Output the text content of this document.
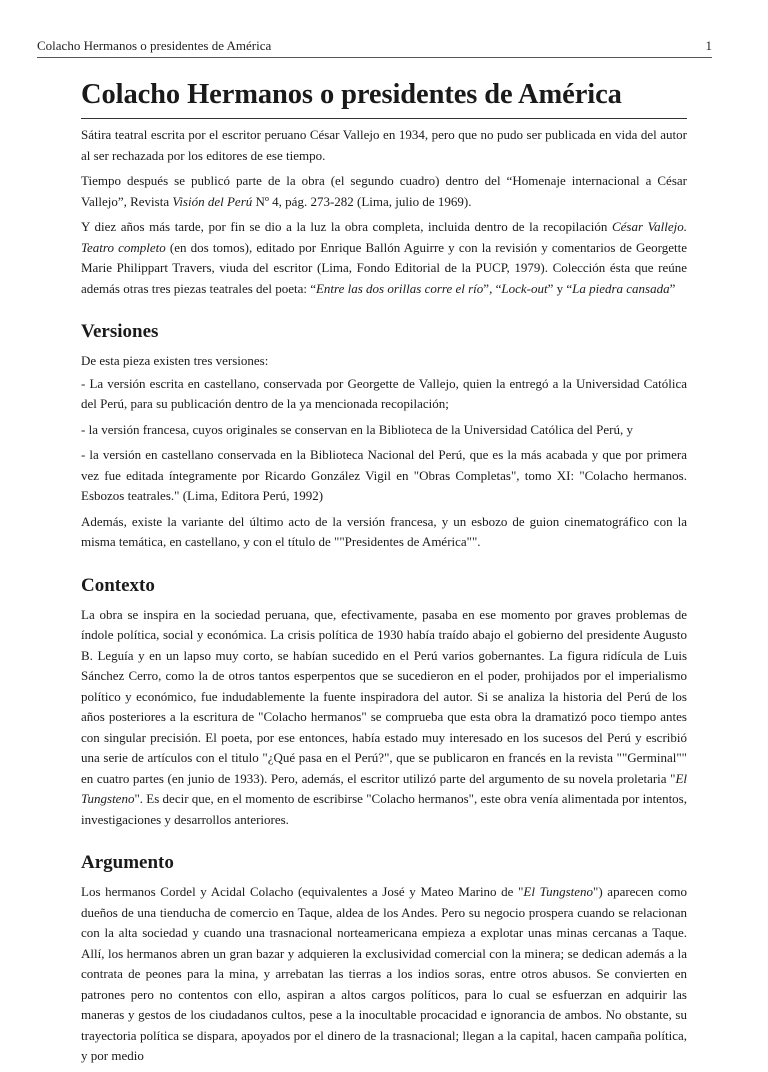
Colacho Hermanos o presidentes de América	1
Colacho Hermanos o presidentes de América

Sátira teatral escrita por el escritor peruano César Vallejo en 1934, pero que no pudo ser publicada en vida del autor al ser rechazada por los editores de ese tiempo.

Tiempo después se publicó parte de la obra (el segundo cuadro) dentro del “Homenaje internacional a César Vallejo”, Revista Visión del Perú Nº 4, pág. 273-282 (Lima, julio de 1969).

Y diez años más tarde, por fin se dio a la luz la obra completa, incluida dentro de la recopilación César Vallejo. Teatro completo (en dos tomos), editado por Enrique Ballón Aguirre y con la revisión y comentarios de Georgette Marie Philippart Travers, viuda del escritor (Lima, Fondo Editorial de la PUCP, 1979). Colección ésta que reúne además otras tres piezas teatrales del poeta: “Entre las dos orillas corre el río”, “Lock-out” y “La piedra cansada”

Versiones

De esta pieza existen tres versiones:

- La versión escrita en castellano, conservada por Georgette de Vallejo, quien la entregó a la Universidad Católica del Perú, para su publicación dentro de la ya mencionada recopilación;

- la versión francesa, cuyos originales se conservan en la Biblioteca de la Universidad Católica del Perú, y

- la versión en castellano conservada en la Biblioteca Nacional del Perú, que es la más acabada y que por primera vez fue editada íntegramente por Ricardo González Vigil en "Obras Completas", tomo XI: "Colacho hermanos. Esbozos teatrales." (Lima, Editora Perú, 1992)

Además, existe la variante del último acto de la versión francesa, y un esbozo de guion cinematográfico con la misma temática, en castellano, y con el título de ""Presidentes de América"".

Contexto

La obra se inspira en la sociedad peruana, que, efectivamente, pasaba en ese momento por graves problemas de índole política, social y económica. La crisis política de 1930 había traído abajo el gobierno del presidente Augusto B. Leguía y en un lapso muy corto, se habían sucedido en el Perú varios gobernantes. La figura ridícula de Luis Sánchez Cerro, como la de otros tantos esperpentos que se sucedieron en el poder, prohijados por el imperialismo político y económico, fue indudablemente la fuente inspiradora del autor. Si se analiza la historia del Perú de los años posteriores a la escritura de "Colacho hermanos" se comprueba que esta obra la dramatizó poco tiempo antes con singular precisión. El poeta, por ese entonces, había estado muy interesado en los sucesos del Perú y escribió una serie de artículos con el titulo "¿Qué pasa en el Perú?", que se publicaron en francés en la revista ""Germinal"" en cuatro partes (en junio de 1933). Pero, además, el escritor utilizó parte del argumento de su novela proletaria "El Tungsteno". Es decir que, en el momento de escribirse "Colacho hermanos", este obra venía alimentada por intentos, investigaciones y desarrollos anteriores.

Argumento

Los hermanos Cordel y Acidal Colacho (equivalentes a José y Mateo Marino de "El Tungsteno") aparecen como dueños de una tienducha de comercio en Taque, aldea de los Andes. Pero su negocio prospera cuando se relacionan con la alta sociedad y cuando una trasnacional norteamericana empieza a explotar unas minas cercanas a Taque. Allí, los hermanos abren un gran bazar y adquieren la exclusividad comercial con la minera; se dedican además a la contrata de peones para la mina, y arrebatan las tierras a los indios soras, entre otros abusos. Se convierten en patrones pero no contentos con ello, aspiran a altos cargos políticos, para lo cual se esfuerzan en adquirir las maneras y gestos de los ciudadanos cultos, pese a la inocultable procacidad e ignorancia de ambos. No obstante, su trayectoria política se dispara, apoyados por el dinero de la trasnacional; llegan a la capital, hacen campaña política, y por medio
